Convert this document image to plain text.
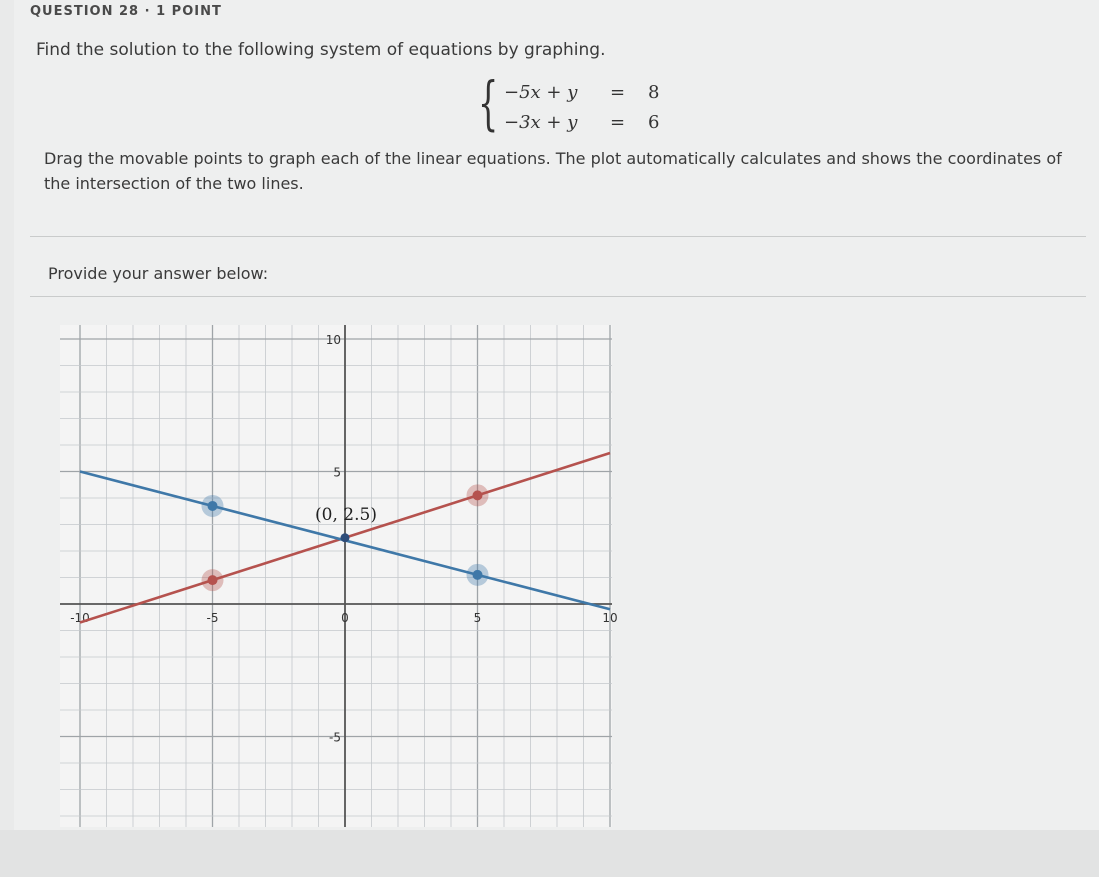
QUESTION 28 · 1 POINT
Find the solution to the following system of equations by graphing.
{ −5x + y = 8
−3x + y = 6
Drag the movable points to graph each of the linear equations. The plot automatically calculates and shows the coordinates of the intersection of the two lines.
Provide your answer below:
-10	-5	0	5	10
10
5
-5
(0, 2.5)
